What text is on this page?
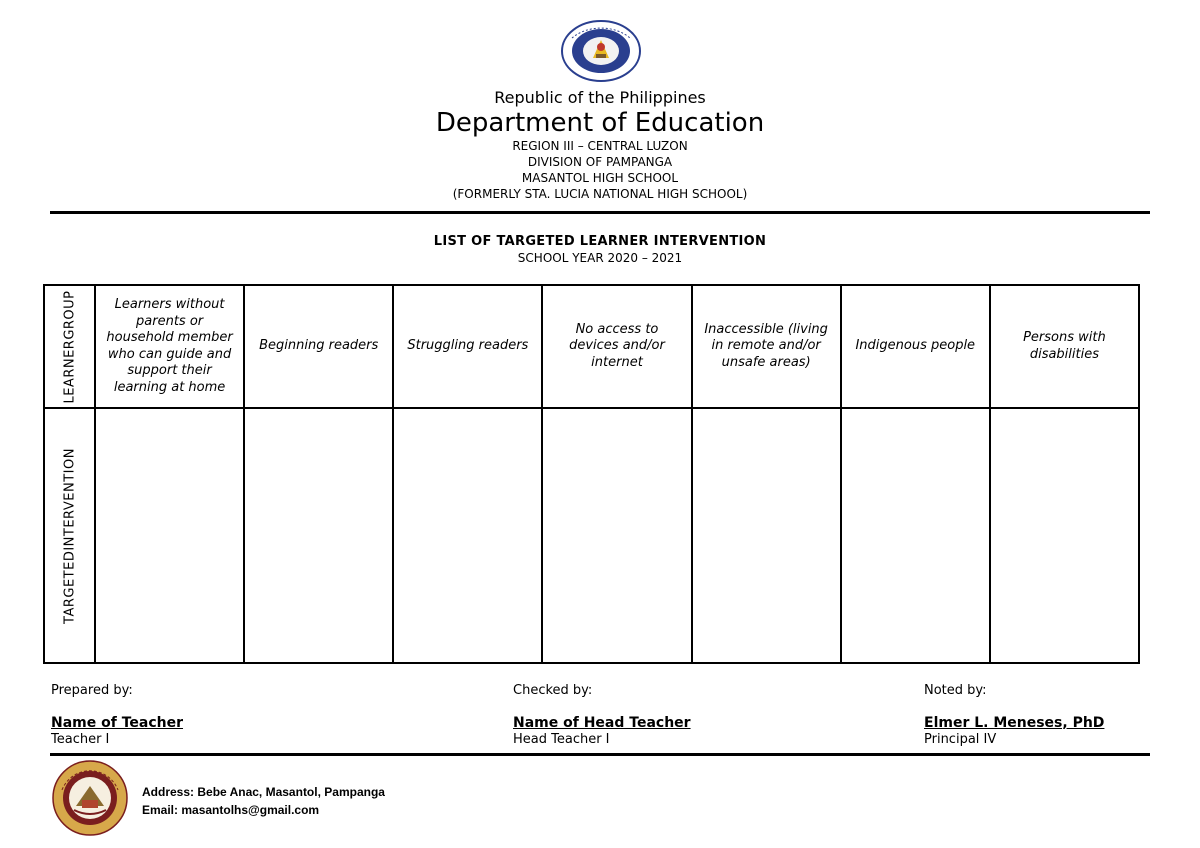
Republic of the Philippines
Department of Education
REGION III – CENTRAL LUZON
DIVISION OF PAMPANGA
MASANTOL HIGH SCHOOL
(FORMERLY STA. LUCIA NATIONAL HIGH SCHOOL)
LIST OF TARGETED LEARNER INTERVENTION
SCHOOL YEAR 2020 – 2021
LEARNERGROUP	Learners without parents or household member who can guide and support their learning at home	Beginning readers	Struggling readers	No access to devices and/or internet	Inaccessible (living in remote and/or unsafe areas)	Indigenous people	Persons with disabilities

TARGETEDINTERVENTION							

Prepared by:
Name of Teacher
Teacher I
Checked by:
Name of Head Teacher
Head Teacher I
Noted by:
Elmer L. Meneses, PhD
Principal IV
Address: Bebe Anac, Masantol, Pampanga
Email: masantolhs@gmail.com
